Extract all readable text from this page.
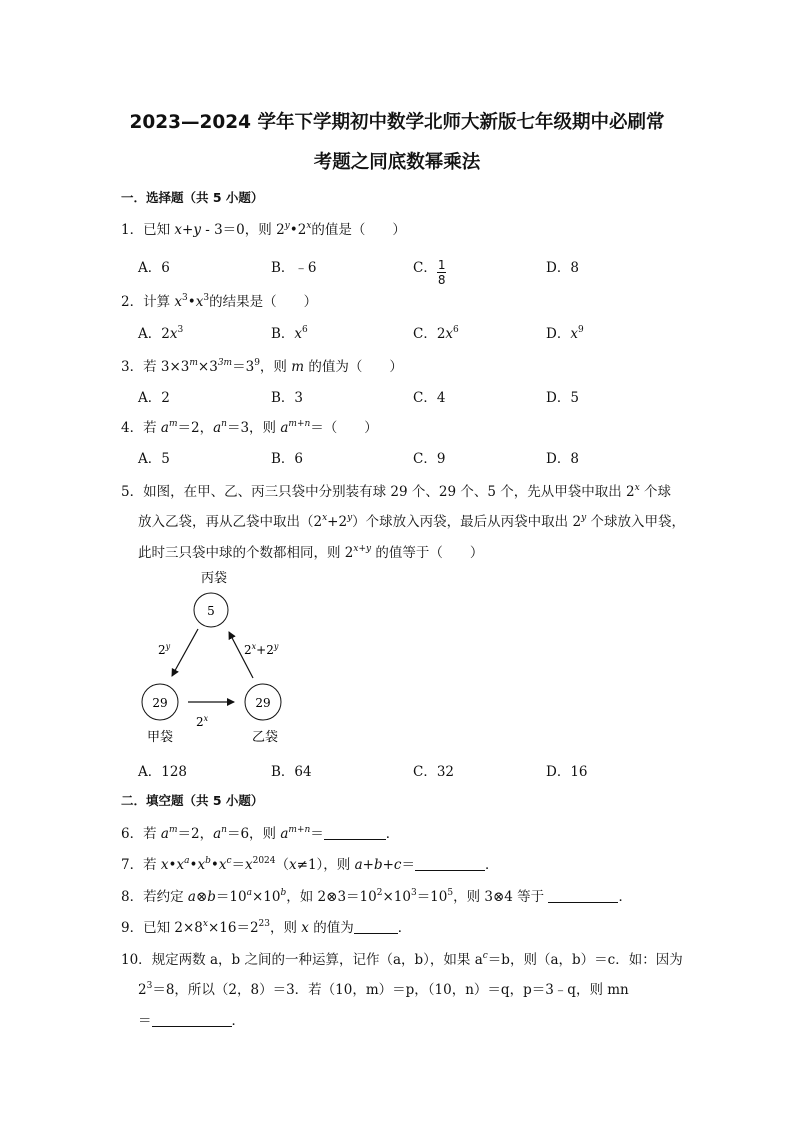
2023—2024 学年下学期初中数学北师大新版七年级期中必刷常
考题之同底数幂乘法
一．选择题（共 5 小题）
1．已知 x+y - 3＝0，则 2$^y$•2$^x$的值是（　　）
A．6	B．﹣6	C． $\frac{1}{8}$	D．8
2．计算 $x^3•x^3$的结果是（　　）
A．$2x^3$	B．$x^6$	C．$2x^6$	D．$x^9$
3．若 $3\times 3^m\times 3^{3m}=3^9$，则 m 的值为（　　）
A．2	B．3	C．4	D．5
4．若 $a^m=2$，$a^n=3$，则 $a^{m+n}=$（　　）
A．5	B．6	C．9	D．8
5．如图，在甲、乙、丙三只袋中分别装有球 29 个、29 个、5 个，先从甲袋中取出 2$^x$ 个球
放入乙袋，再从乙袋中取出$(2^x+2^y)$个球放入丙袋，最后从丙袋中取出 2$^y$ 个球放入甲袋，
此时三只袋中球的个数都相同，则 $2^{x+y}$ 的值等于（　　）
丙袋
5
29
甲袋
29
乙袋
2$^y$	$2^x+2^y$
2$^x$
A．128	B．64	C．32	D．16
二．填空题（共 5 小题）
6．若 $a^m=2$，$a^n=6$，则 $a^{m+n}=$	．
7．若 $x•x^a•x^b•x^c=x^{2024}(x\ne 1)$，则 a+b+c＝	．
8．若约定 $a\otimes b=10^a\times 10^b$，如 $2\otimes 3=10^2\times 10^3=10^5$，则 3⊗4 等于	．
9．已知 $2\times 8^x\times 16=2^{23}$，则 x 的值为	．
10．规定两数 a，b 之间的一种运算，记作（a，b），如果 $a^c=b$，则（a，b）＝c．如：因为
$2^3=8$，所以（2，8）＝3．若（10，m）＝p，（10，n）＝q，p＝3﹣q，则 mn
＝	．
